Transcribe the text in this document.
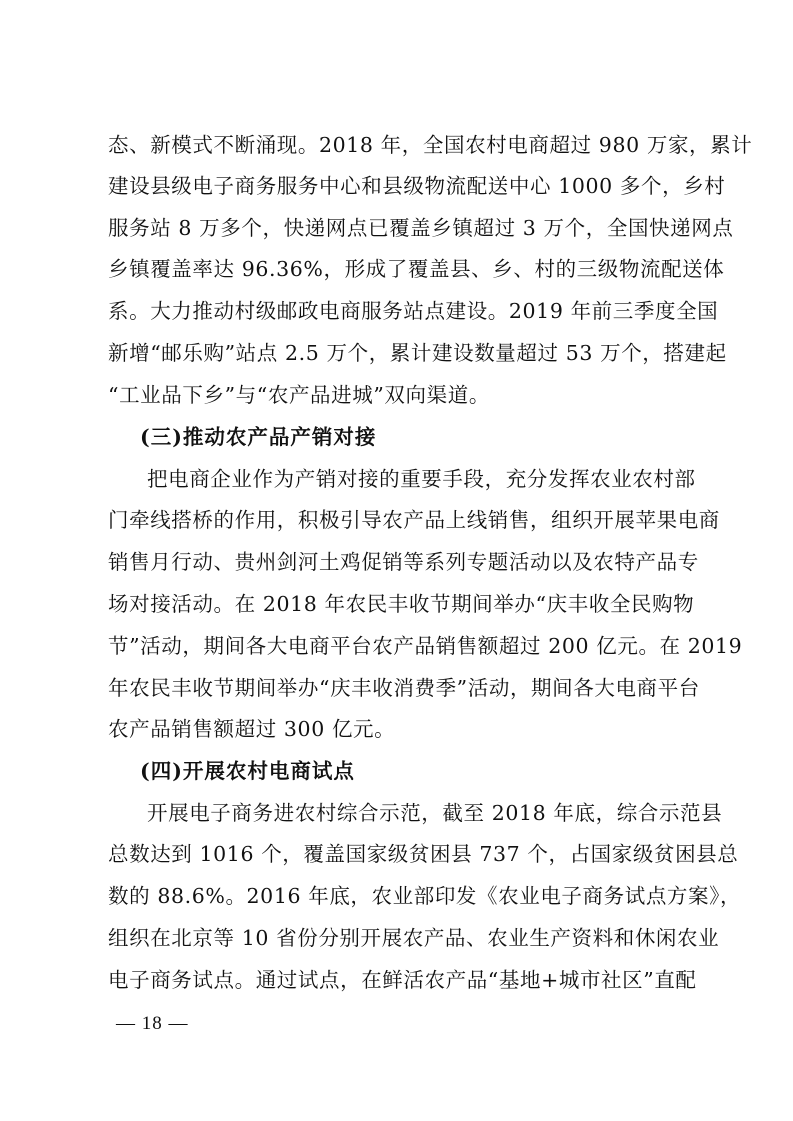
态、新模式不断涌现。2018 年，全国农村电商超过 980 万家，累计
建设县级电子商务服务中心和县级物流配送中心 1000 多个，乡村
服务站 8 万多个，快递网点已覆盖乡镇超过 3 万个，全国快递网点
乡镇覆盖率达 96.36%，形成了覆盖县、乡、村的三级物流配送体
系。大力推动村级邮政电商服务站点建设。2019 年前三季度全国
新增“邮乐购”站点 2.5 万个，累计建设数量超过 53 万个，搭建起
“工业品下乡”与“农产品进城”双向渠道。
(三)推动农产品产销对接
把电商企业作为产销对接的重要手段，充分发挥农业农村部
门牵线搭桥的作用，积极引导农产品上线销售，组织开展苹果电商
销售月行动、贵州剑河土鸡促销等系列专题活动以及农特产品专
场对接活动。在 2018 年农民丰收节期间举办“庆丰收全民购物
节”活动，期间各大电商平台农产品销售额超过 200 亿元。在 2019
年农民丰收节期间举办“庆丰收消费季”活动，期间各大电商平台
农产品销售额超过 300 亿元。
(四)开展农村电商试点
开展电子商务进农村综合示范，截至 2018 年底，综合示范县
总数达到 1016 个，覆盖国家级贫困县 737 个，占国家级贫困县总
数的 88.6%。2016 年底，农业部印发《农业电子商务试点方案》，
组织在北京等 10 省份分别开展农产品、农业生产资料和休闲农业
电子商务试点。通过试点，在鲜活农产品“基地+城市社区”直配
— 18 —
